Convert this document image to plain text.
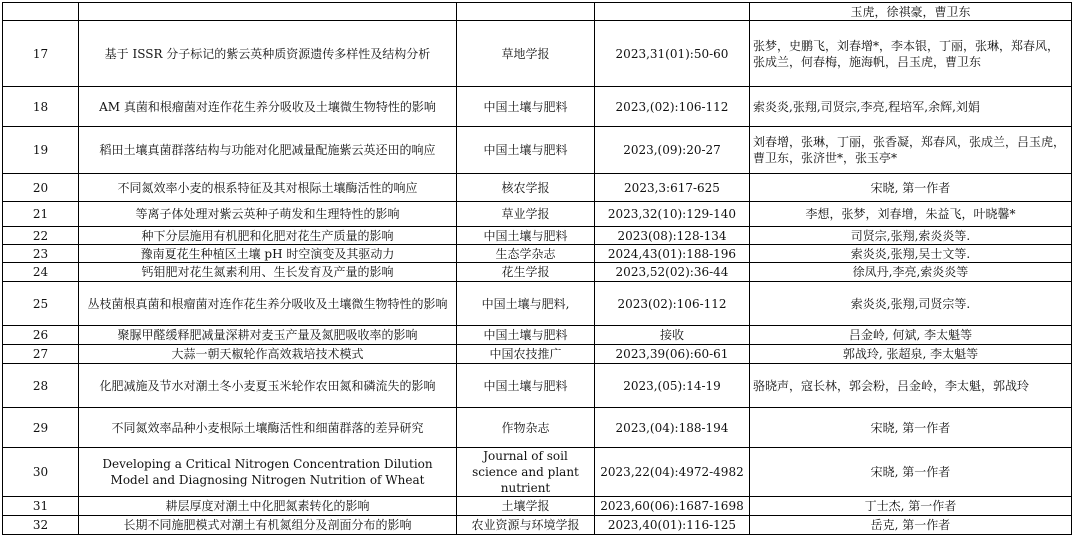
				玉虎，徐祺豪，曹卫东
17	基于 ISSR 分子标记的紫云英种质资源遗传多样性及结构分析	草地学报	2023,31(01):50-60	张梦，史鹏飞，刘春增*，李本银，丁丽，张琳，郑春风，张成兰，何春梅，施海帆，吕玉虎，曹卫东
18	AM 真菌和根瘤菌对连作花生养分吸收及土壤微生物特性的影响	中国土壤与肥料	2023,(02):106-112	索炎炎,张翔,司贤宗,李亮,程培军,余辉,刘娟
19	稻田土壤真菌群落结构与功能对化肥减量配施紫云英还田的响应	中国土壤与肥料	2023,(09):20-27	刘春增，张琳，丁丽，张香凝，郑春风，张成兰，吕玉虎，曹卫东，张济世*，张玉亭*
20	不同氮效率小麦的根系特征及其对根际土壤酶活性的响应	核农学报	2023,3:617-625	宋晓, 第一作者
21	等离子体处理对紫云英种子萌发和生理特性的影响	草业学报	2023,32(10):129-140	李想，张梦，刘春增，朱益飞，叶晓馨*
22	种下分层施用有机肥和化肥对花生产质量的影响	中国土壤与肥料	2023(08):128-134	司贤宗,张翔,索炎炎等.
23	豫南夏花生种植区土壤 pH 时空演变及其驱动力	生态学杂志	2024,43(01):188-196	索炎炎,张翔,吴士文等.
24	钙钼肥对花生氮素利用、生长发育及产量的影响	花生学报	2023,52(02):36-44	徐凤丹,李亮,索炎炎等
25	丛枝菌根真菌和根瘤菌对连作花生养分吸收及土壤微生物特性的影响	中国土壤与肥料,	2023(02):106-112	索炎炎,张翔,司贤宗等.
26	聚脲甲醛缓释肥减量深耕对麦玉产量及氮肥吸收率的影响	中国土壤与肥料	接收	吕金岭, 何斌, 李太魁等
27	大蒜一朝天椒轮作高效栽培技术模式	中国农技推广	2023,39(06):60-61	郭战玲, 张超泉, 李太魁等
28	化肥减施及节水对潮土冬小麦夏玉米轮作农田氮和磷流失的影响	中国土壤与肥料	2023,(05):14-19	骆晓声，寇长林，郭会粉，吕金岭，李太魁，郭战玲
29	不同氮效率品种小麦根际土壤酶活性和细菌群落的差异研究	作物杂志	2023,(04):188-194	宋晓, 第一作者
30	Developing a Critical Nitrogen Concentration Dilution Model and Diagnosing Nitrogen Nutrition of Wheat	Journal of soil science and plant nutrient	2023,22(04):4972-4982	宋晓, 第一作者
31	耕层厚度对潮土中化肥氮素转化的影响	土壤学报	2023,60(06):1687-1698	丁士杰, 第一作者
32	长期不同施肥模式对潮土有机氮组分及剖面分布的影响	农业资源与环境学报	2023,40(01):116-125	岳克, 第一作者
